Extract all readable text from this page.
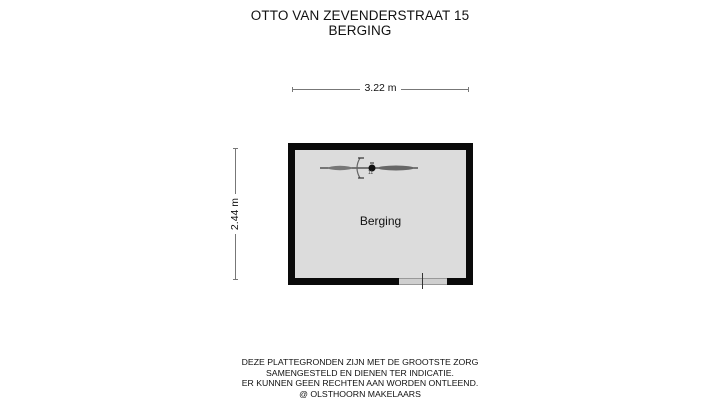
OTTO VAN ZEVENDERSTRAAT 15
BERGING
3.22 m
2.44 m	Berging
11
DEZE PLATTEGRONDEN ZIJN MET DE GROOTSTE ZORG
SAMENGESTELD EN DIENEN TER INDICATIE.
ER KUNNEN GEEN RECHTEN AAN WORDEN ONTLEEND.
@ OLSTHOORN MAKELAARS
